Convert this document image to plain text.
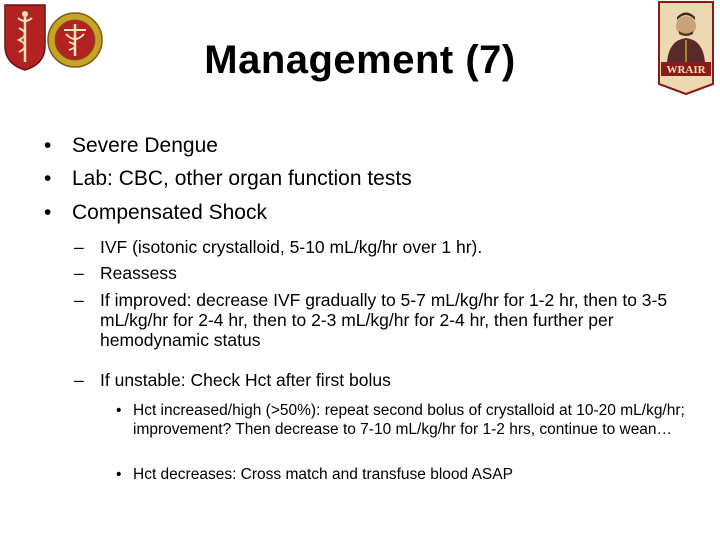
WRAIR
Management (7)
• Severe Dengue
• Lab: CBC, other organ function tests
• Compensated Shock
– IVF (isotonic crystalloid, 5-10 mL/kg/hr over 1 hr).
– Reassess
– If improved: decrease IVF gradually to 5-7 mL/kg/hr for 1-2 hr, then to 3-5 mL/kg/hr for 2-4 hr, then to 2-3 mL/kg/hr for 2-4 hr, then further per hemodynamic status
– If unstable: Check Hct after first bolus
• Hct increased/high (>50%): repeat second bolus of crystalloid at 10-20 mL/kg/hr; improvement? Then decrease to 7-10 mL/kg/hr for 1-2 hrs, continue to wean…
• Hct decreases: Cross match and transfuse blood ASAP
